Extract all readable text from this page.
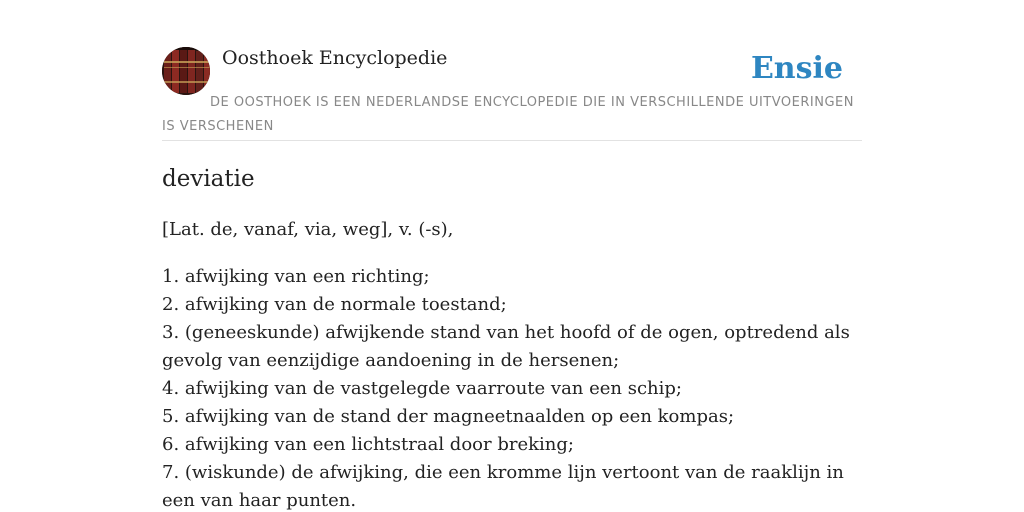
Oosthoek Encyclopedie	Ensie
DE OOSTHOEK IS EEN NEDERLANDSE ENCYCLOPEDIE DIE IN VERSCHILLENDE UITVOERINGEN IS VERSCHENEN
deviatie

[Lat. de, vanaf, via, weg], v. (-s),

1. afwijking van een richting;
2. afwijking van de normale toestand;
3. (geneeskunde) afwijkende stand van het hoofd of de ogen, optredend als gevolg van eenzijdige aandoening in de hersenen;
4. afwijking van de vastgelegde vaarroute van een schip;
5. afwijking van de stand der magneetnaalden op een kompas;
6. afwijking van een lichtstraal door breking;
7. (wiskunde) de afwijking, die een kromme lijn vertoont van de raaklijn in een van haar punten.
